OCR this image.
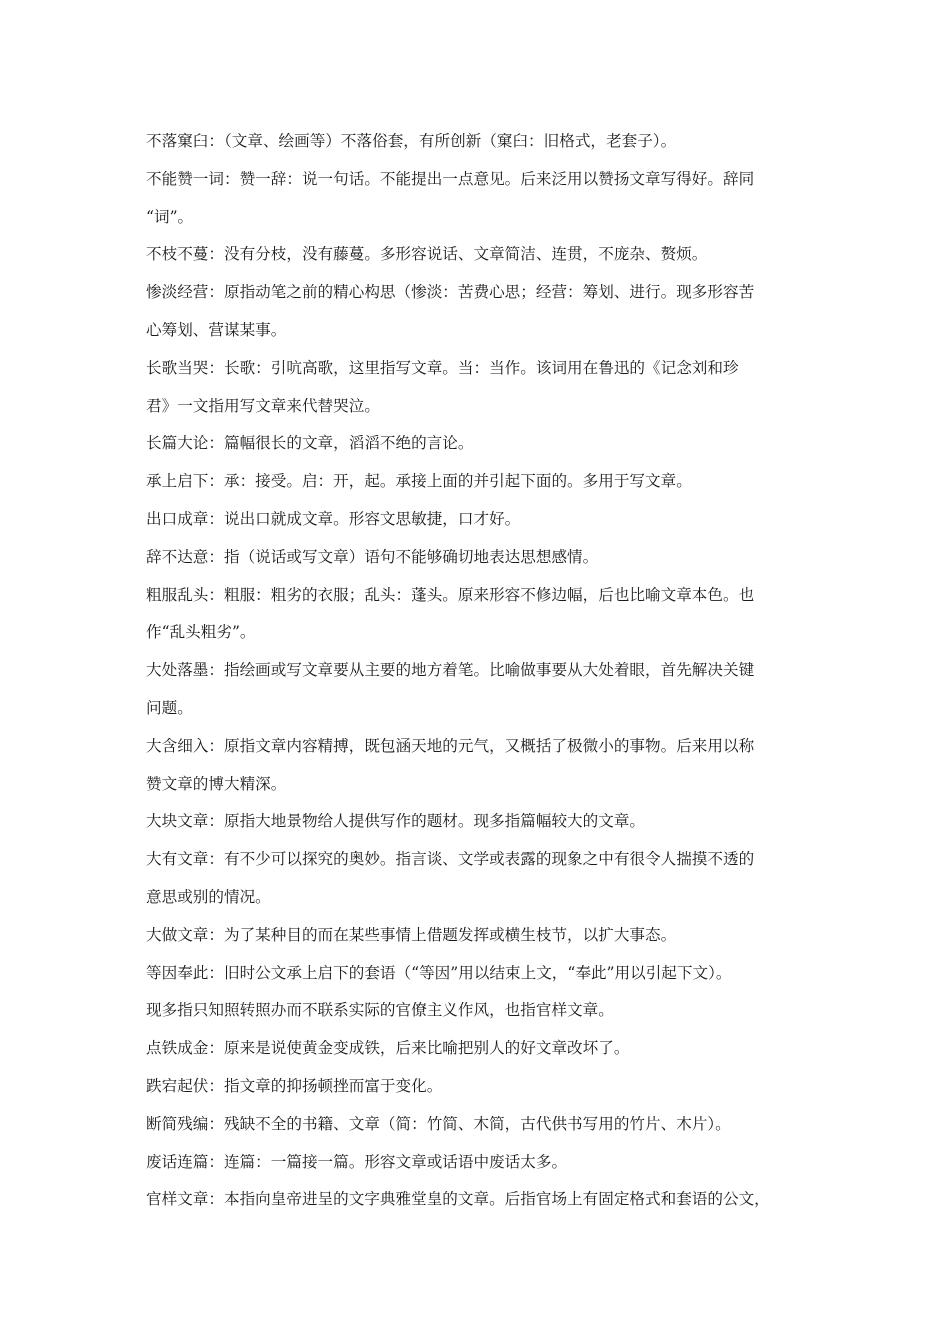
不落窠臼：（文章、绘画等）不落俗套，有所创新（窠臼：旧格式，老套子）。
不能赞一词：赞一辞：说一句话。不能提出一点意见。后来泛用以赞扬文章写得好。辞同
“词”。
不枝不蔓：没有分枝，没有藤蔓。多形容说话、文章简洁、连贯，不庞杂、赘烦。
惨淡经营：原指动笔之前的精心构思（惨淡：苦费心思；经营：筹划、进行。现多形容苦
心筹划、营谋某事。
长歌当哭：长歌：引吭高歌，这里指写文章。当：当作。该词用在鲁迅的《记念刘和珍
君》一文指用写文章来代替哭泣。
长篇大论：篇幅很长的文章，滔滔不绝的言论。
承上启下：承：接受。启：开，起。承接上面的并引起下面的。多用于写文章。
出口成章：说出口就成文章。形容文思敏捷，口才好。
辞不达意：指（说话或写文章）语句不能够确切地表达思想感情。
粗服乱头：粗服：粗劣的衣服；乱头：蓬头。原来形容不修边幅，后也比喻文章本色。也
作“乱头粗劣”。
大处落墨：指绘画或写文章要从主要的地方着笔。比喻做事要从大处着眼，首先解决关键
问题。
大含细入：原指文章内容精搏，既包涵天地的元气，又概括了极微小的事物。后来用以称
赞文章的博大精深。
大块文章：原指大地景物给人提供写作的题材。现多指篇幅较大的文章。
大有文章：有不少可以探究的奥妙。指言谈、文学或表露的现象之中有很令人揣摸不透的
意思或别的情况。
大做文章：为了某种目的而在某些事情上借题发挥或横生枝节，以扩大事态。
等因奉此：旧时公文承上启下的套语（“等因”用以结束上文，“奉此”用以引起下文）。
现多指只知照转照办而不联系实际的官僚主义作风，也指官样文章。
点铁成金：原来是说使黄金变成铁，后来比喻把别人的好文章改坏了。
跌宕起伏：指文章的抑扬顿挫而富于变化。
断简残编：残缺不全的书籍、文章（简：竹简、木简，古代供书写用的竹片、木片）。
废话连篇：连篇：一篇接一篇。形容文章或话语中废话太多。
官样文章：本指向皇帝进呈的文字典雅堂皇的文章。后指官场上有固定格式和套语的公文，
